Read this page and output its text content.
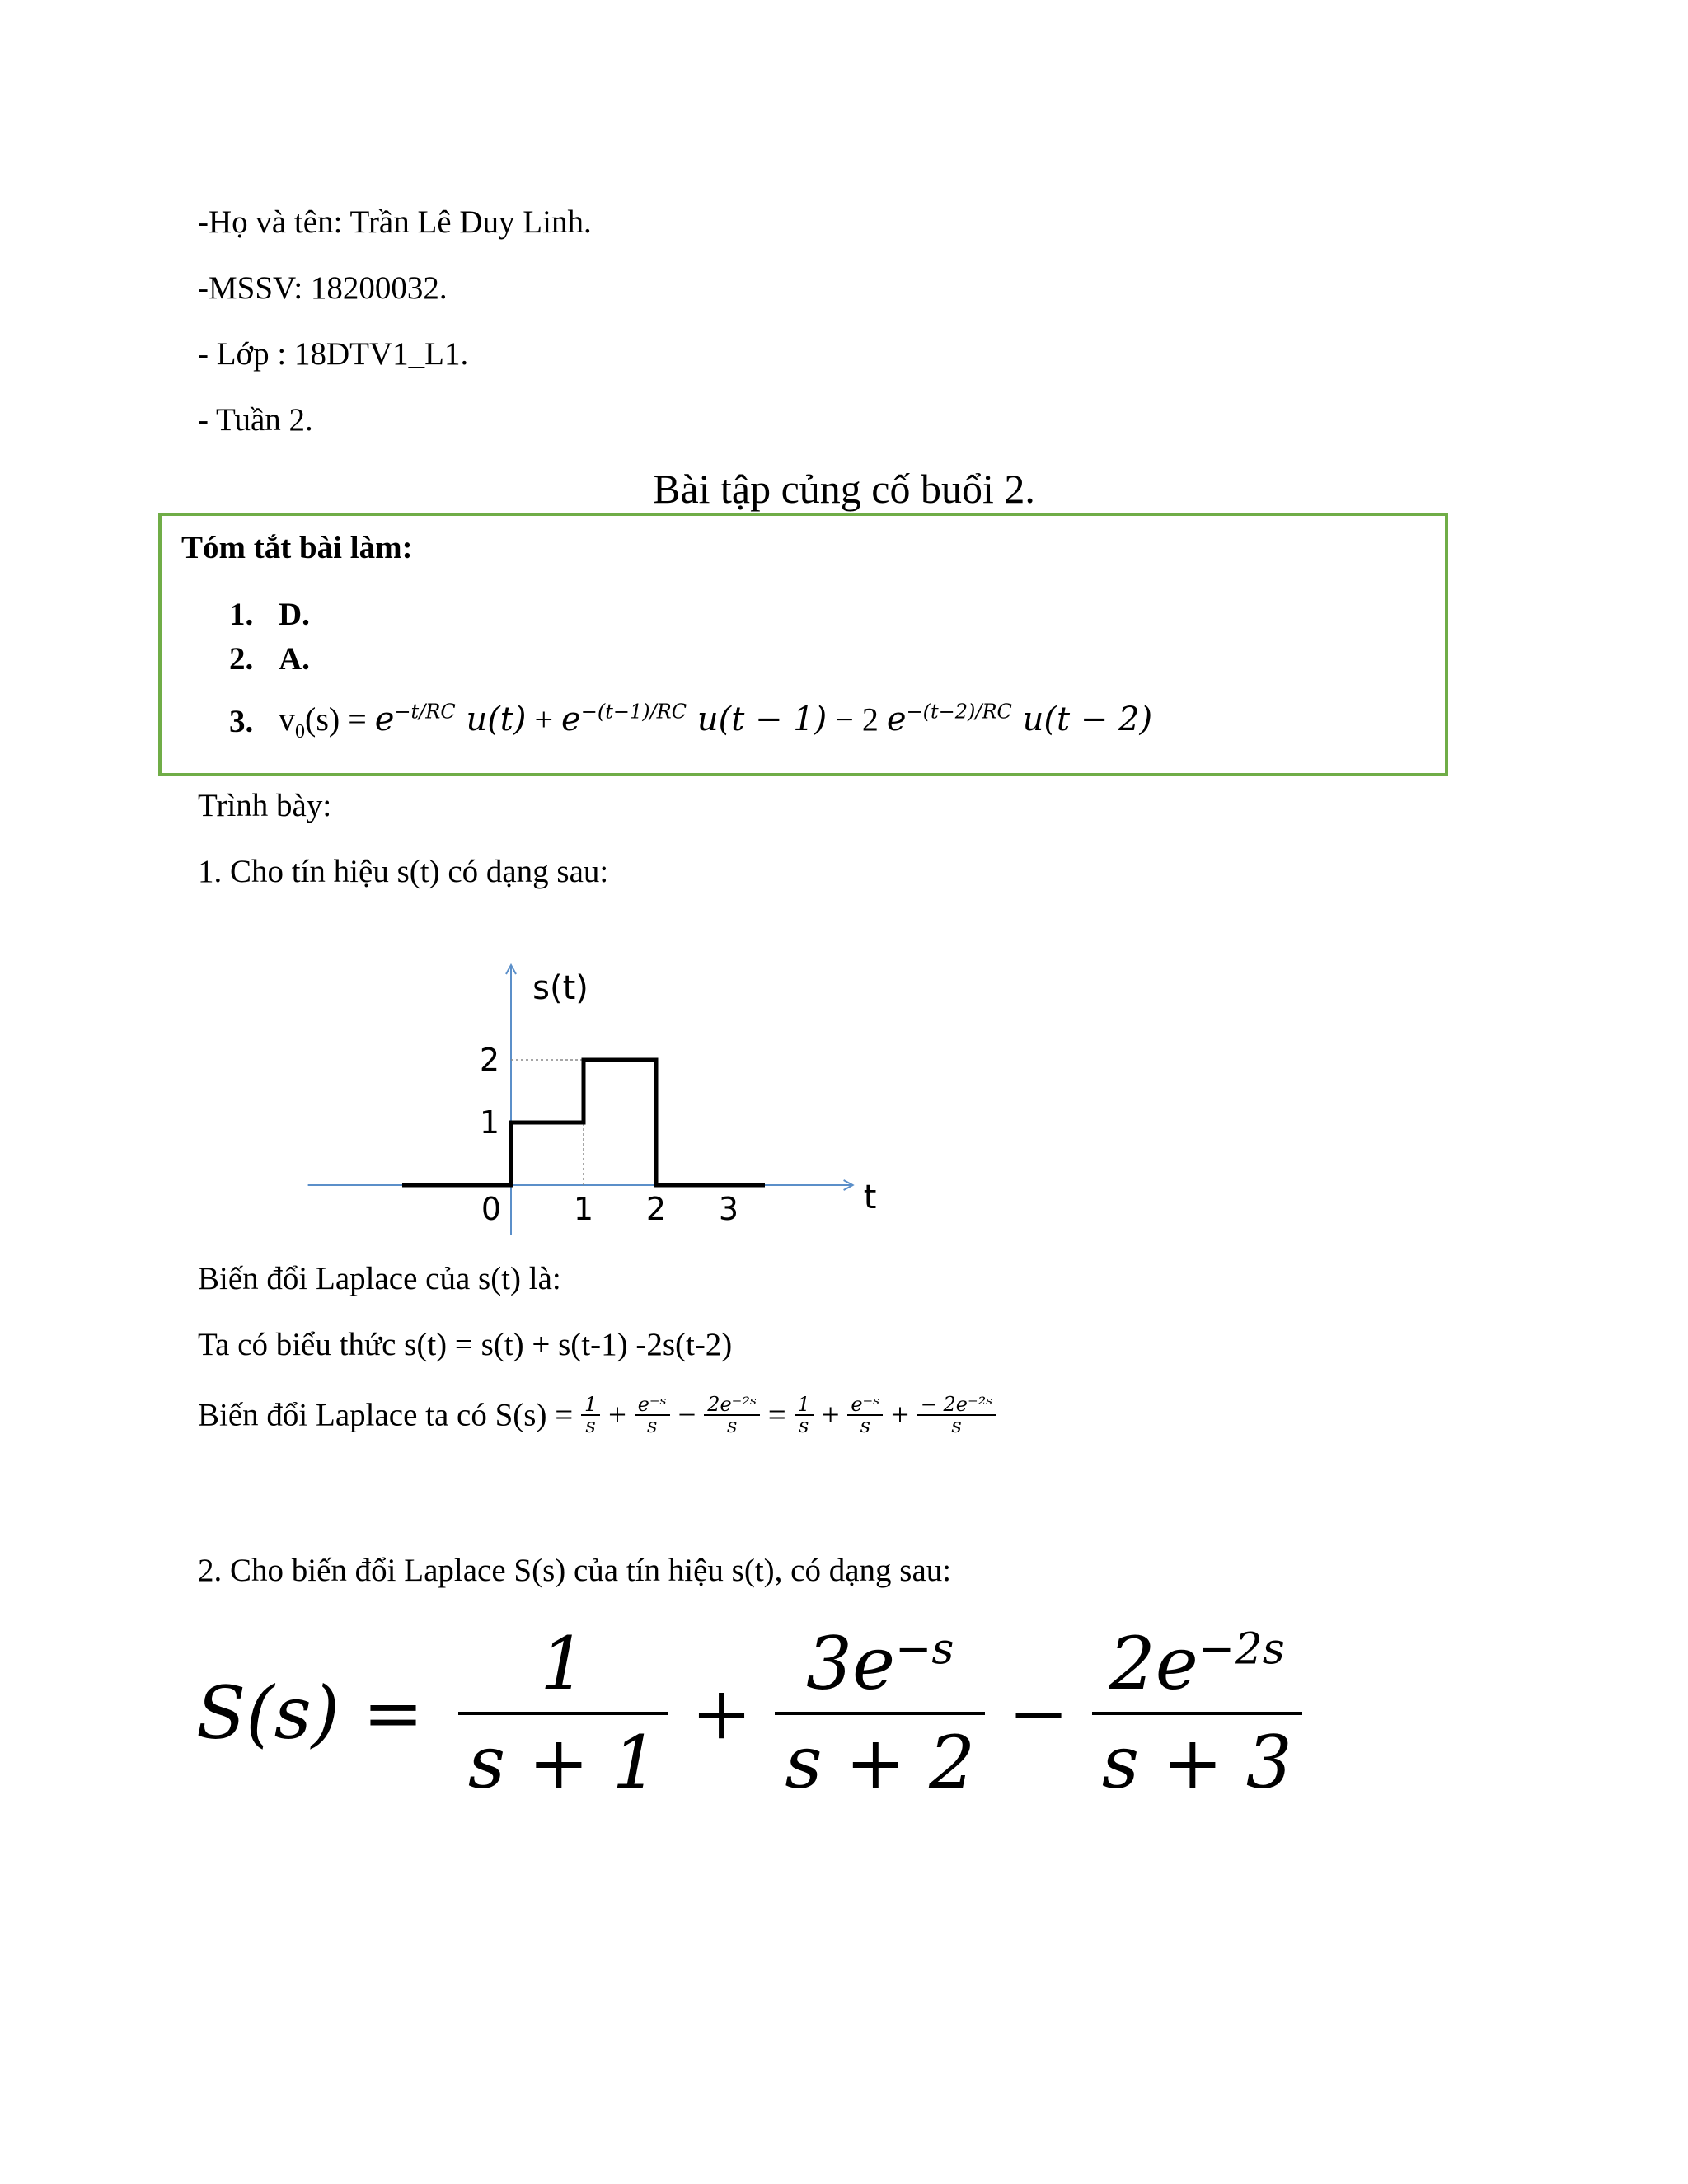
-Họ và tên: Trần Lê Duy Linh.
-MSSV: 18200032.
- Lớp : 18DTV1_L1.
- Tuần 2.
Bài tập củng cố buổi 2.
Tóm tắt bài làm:
1. D.
2. A.
3. $v_0(s) = e^{-t/RC}$ $u(t) + e^{-(t-1)/RC}$ u(t − 1) − 2 $e^{-(t-2)/RC}$ u(t − 2)
Trình bày:
1. Cho tín hiệu s(t) có dạng sau:
0 1 2 3
1
2
s(t)
t
Biến đổi Laplace của s(t) là:
Ta có biểu thức s(t) = s(t) + s(t-1) -2s(t-2)
Biến đổi Laplace ta có $S(s) = \frac{1}{s} + \frac{\text{e⁻ˢ}}{s} - \frac{\text{2e⁻²ˢ}}{s} = \frac{1}{s} + \frac{\text{e⁻ˢ}}{s} + \frac{\text{− 2e⁻²ˢ}}{s}$
2. Cho biến đổi Laplace S(s) của tín hiệu s(t), có dạng sau:
$S(s) = \frac{1}{s + 1} + \frac{3e^{-s}}{s + 2} - \frac{2e^{-2s}}{s + 3}$
